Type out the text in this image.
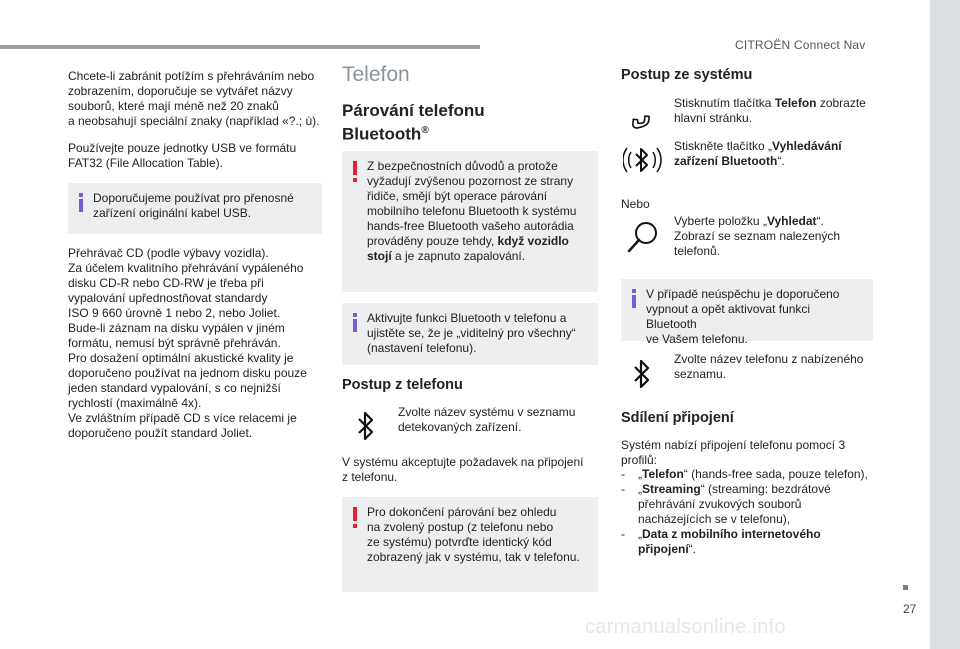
CITROËN Connect Nav
27
carmanualsonline.info

Chcete-li zabránit potížím s přehráváním nebo
zobrazením, doporučuje se vytvářet názvy
souborů, které mají méně než 20 znaků
a neobsahují speciální znaky (například «?.; ù).

Používejte pouze jednotky USB ve formátu
FAT32 (File Allocation Table).

Doporučujeme používat pro přenosné
zařízení originální kabel USB.

Přehrávač CD (podle výbavy vozidla).
Za účelem kvalitního přehrávání vypáleného
disku CD-R nebo CD-RW je třeba při
vypalování upřednostňovat standardy
ISO 9 660 úrovně 1 nebo 2, nebo Joliet.
Bude-li záznam na disku vypálen v jiném
formátu, nemusí být správně přehráván.
Pro dosažení optimální akustické kvality je
doporučeno používat na jednom disku pouze
jeden standard vypalování, s co nejnižší
rychlostí (maximálně 4x).
Ve zvláštním případě CD s více relacemi je
doporučeno použít standard Joliet.

Telefon
Párování telefonu
Bluetooth®

Z bezpečnostních důvodů a protože
vyžadují zvýšenou pozornost ze strany
řidiče, smějí být operace párování
mobilního telefonu Bluetooth k systému
hands-free Bluetooth vašeho autorádia
prováděny pouze tehdy, když vozidlo
stojí a je zapnuto zapalování.

Aktivujte funkci Bluetooth v telefonu a
ujistěte se, že je „viditelný pro všechny“
(nastavení telefonu).

Postup z telefonu

Zvolte název systému v seznamu
detekovaných zařízení.

V systému akceptujte požadavek na připojení
z telefonu.

Pro dokončení párování bez ohledu
na zvolený postup (z telefonu nebo
ze systému) potvrďte identický kód
zobrazený jak v systému, tak v telefonu.

Postup ze systému

Stisknutím tlačítka Telefon zobrazte
hlavní stránku.

Stiskněte tlačítko „Vyhledávání
zařízení Bluetooth“.

Nebo

Vyberte položku „Vyhledat“.
Zobrazí se seznam nalezených
telefonů.

V případě neúspěchu je doporučeno
vypnout a opět aktivovat funkci Bluetooth
ve Vašem telefonu.

Zvolte název telefonu z nabízeného
seznamu.

Sdílení připojení

Systém nabízí připojení telefonu pomocí 3
profilů:

-	„Telefon“ (hands-free sada, pouze telefon),
-	„Streaming“ (streaming: bezdrátové
přehrávání zvukových souborů
nacházejících se v telefonu),
-	„Data z mobilního internetového
připojení“.
